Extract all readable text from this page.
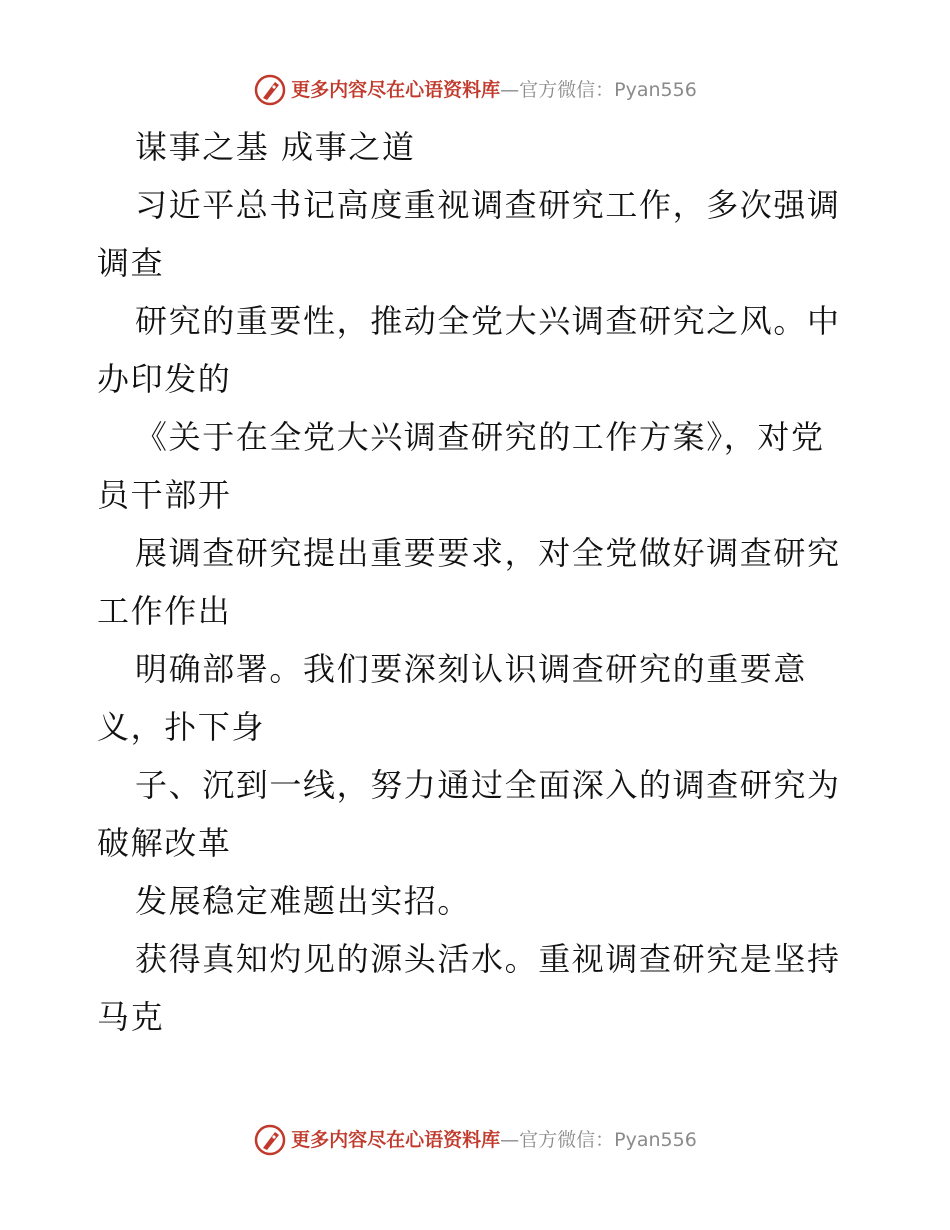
更多内容尽在心语资料库—官方微信：Pyan556
谋事之基 成事之道
习近平总书记高度重视调查研究工作，多次强调
调查
研究的重要性，推动全党大兴调查研究之风。中
办印发的
《关于在全党大兴调查研究的工作方案》，对党
员干部开
展调查研究提出重要要求，对全党做好调查研究
工作作出
明确部署。我们要深刻认识调查研究的重要意
义，扑下身
子、沉到一线，努力通过全面深入的调查研究为
破解改革
发展稳定难题出实招。
获得真知灼见的源头活水。重视调查研究是坚持
马克
更多内容尽在心语资料库—官方微信：Pyan556
